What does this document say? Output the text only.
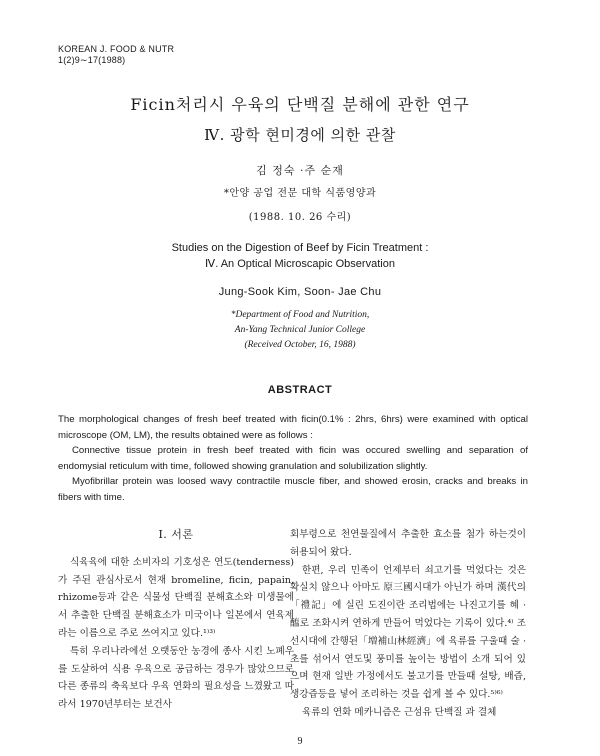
KOREAN J. FOOD & NUTR
1(2)9∼17(1988)
Ficin처리시 우육의 단백질 분해에 관한 연구
Ⅳ. 광학 현미경에 의한 관찰
김 정숙 ·주 순재
*안양 공업 전문 대학 식품영양과
(1988. 10. 26 수리)
Studies on the Digestion of Beef by Ficin Treatment :
Ⅳ. An Optical Microscapic Observation
Jung-Sook Kim, Soon- Jae Chu
*Department of Food and Nutrition,
An-Yang Technical Junior College
(Received October, 16, 1988)
ABSTRACT

The morphological changes of fresh beef treated with ficin(0.1% : 2hrs, 6hrs) were examined with optical microscope (OM, LM), the results obtained were as follows :

Connective tissue protein in fresh beef treated with ficin was occured swelling and separation of endomysial reticulum with time, followed showing granulation and solubilization slightly.

Myofibrillar protein was loosed wavy contractile muscle fiber, and showed erosin, cracks and breaks in fibers with time.

Ⅰ. 서론

식육육에 대한 소비자의 기호성은 연도(tenderness)가 주된 관심사로서 현재 bromeline, ficin, papain, rhizome등과 같은 식물성 단백질 분해효소와 미생물에서 추출한 단백질 분해효소가 미국이나 일본에서 연육제라는 이름으로 주로 쓰여지고 있다.¹⁾³⁾

특히 우리나라에선 오랫동안 농경에 종사 시킨 노폐우를 도살하여 식용 우육으로 공급하는 경우가 많았으므로 다른 종류의 축육보다 우육 연화의 필요성을 느꼈왔고 따라서 1970년부터는 보건사

회부령으로 천연물질에서 추출한 효소를 첨가 하는것이 허용되어 왔다.

한편, 우리 민족이 언제부터 쇠고기를 먹었다는 것은 확실치 않으나 아마도 原三國시대가 아닌가 하며 漢代의「禮記」에 실린 도진이란 조리법에는 나진고기를 혜 · 醢로 조화시켜 연하게 만들어 먹었다는 기록이 있다.⁴⁾ 조선시대에 간행된「増補山林經濟」에 육류를 구울때 술 · 초를 섞어서 연도및 풍미를 높이는 방법이 소개 되어 있으며 현재 일반 가정에서도 불고기를 만들때 설탕, 배즙, 생강즙등을 넣어 조리하는 것을 쉽게 볼 수 있다.⁵⁾⁶⁾

육류의 연화 메카니즘은 근섬유 단백질 과 결체

9
